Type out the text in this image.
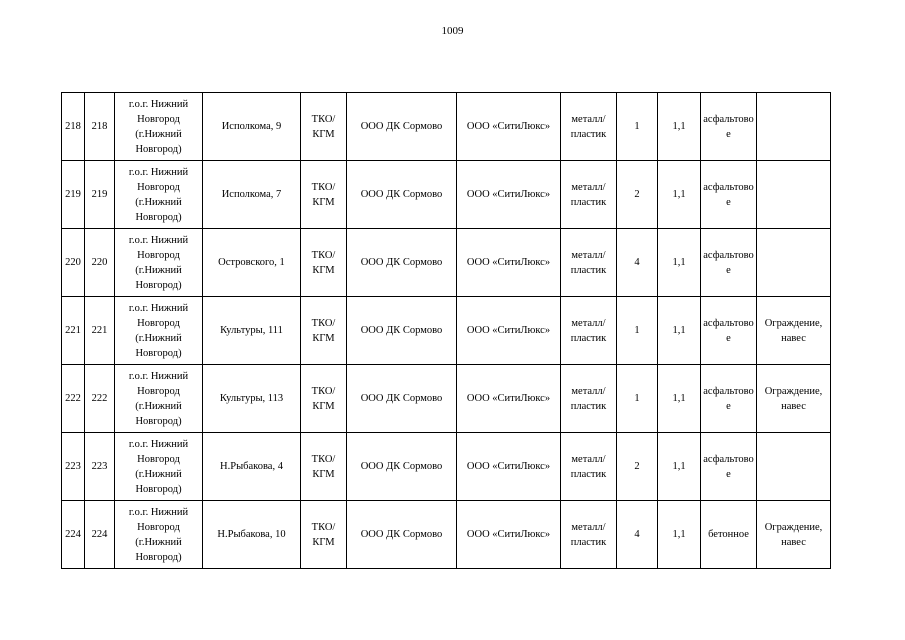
1009
218	218	г.о.г. Нижний Новгород (г.Нижний Новгород)	Исполкома, 9	ТКО/КГМ	ООО ДК Сормово	ООО «СитиЛюкс»	металл/пластик	1	1,1	асфальтовое	
219	219	г.о.г. Нижний Новгород (г.Нижний Новгород)	Исполкома, 7	ТКО/КГМ	ООО ДК Сормово	ООО «СитиЛюкс»	металл/пластик	2	1,1	асфальтовое	
220	220	г.о.г. Нижний Новгород (г.Нижний Новгород)	Островского, 1	ТКО/КГМ	ООО ДК Сормово	ООО «СитиЛюкс»	металл/пластик	4	1,1	асфальтовое	
221	221	г.о.г. Нижний Новгород (г.Нижний Новгород)	Культуры, 111	ТКО/КГМ	ООО ДК Сормово	ООО «СитиЛюкс»	металл/пластик	1	1,1	асфальтовое	Ограждение, навес
222	222	г.о.г. Нижний Новгород (г.Нижний Новгород)	Культуры, 113	ТКО/КГМ	ООО ДК Сормово	ООО «СитиЛюкс»	металл/пластик	1	1,1	асфальтовое	Ограждение, навес
223	223	г.о.г. Нижний Новгород (г.Нижний Новгород)	Н.Рыбакова, 4	ТКО/КГМ	ООО ДК Сормово	ООО «СитиЛюкс»	металл/пластик	2	1,1	асфальтовое	
224	224	г.о.г. Нижний Новгород (г.Нижний Новгород)	Н.Рыбакова, 10	ТКО/КГМ	ООО ДК Сормово	ООО «СитиЛюкс»	металл/пластик	4	1,1	бетонное	Ограждение, навес
